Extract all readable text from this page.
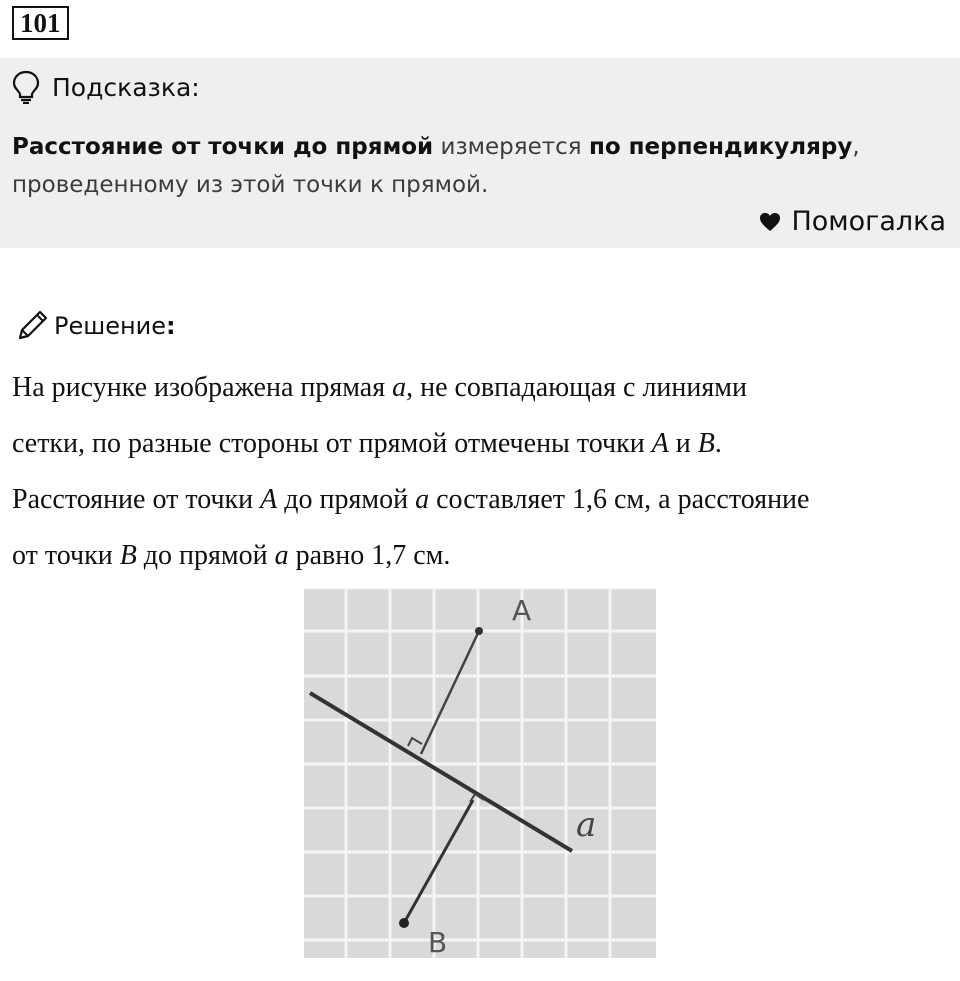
101
Подсказка:
Расстояние от точки до прямой измеряется по перпендикуляру,
проведенному из этой точки к прямой.
Помогалка
Решение :
На рисунке изображена прямая a, не совпадающая с линиями
сетки, по разные стороны от прямой отмечены точки A и B.
Расстояние от точки A до прямой a составляет 1,6 см, а расстояние
от точки B до прямой a равно 1,7 см.
A
B
a
